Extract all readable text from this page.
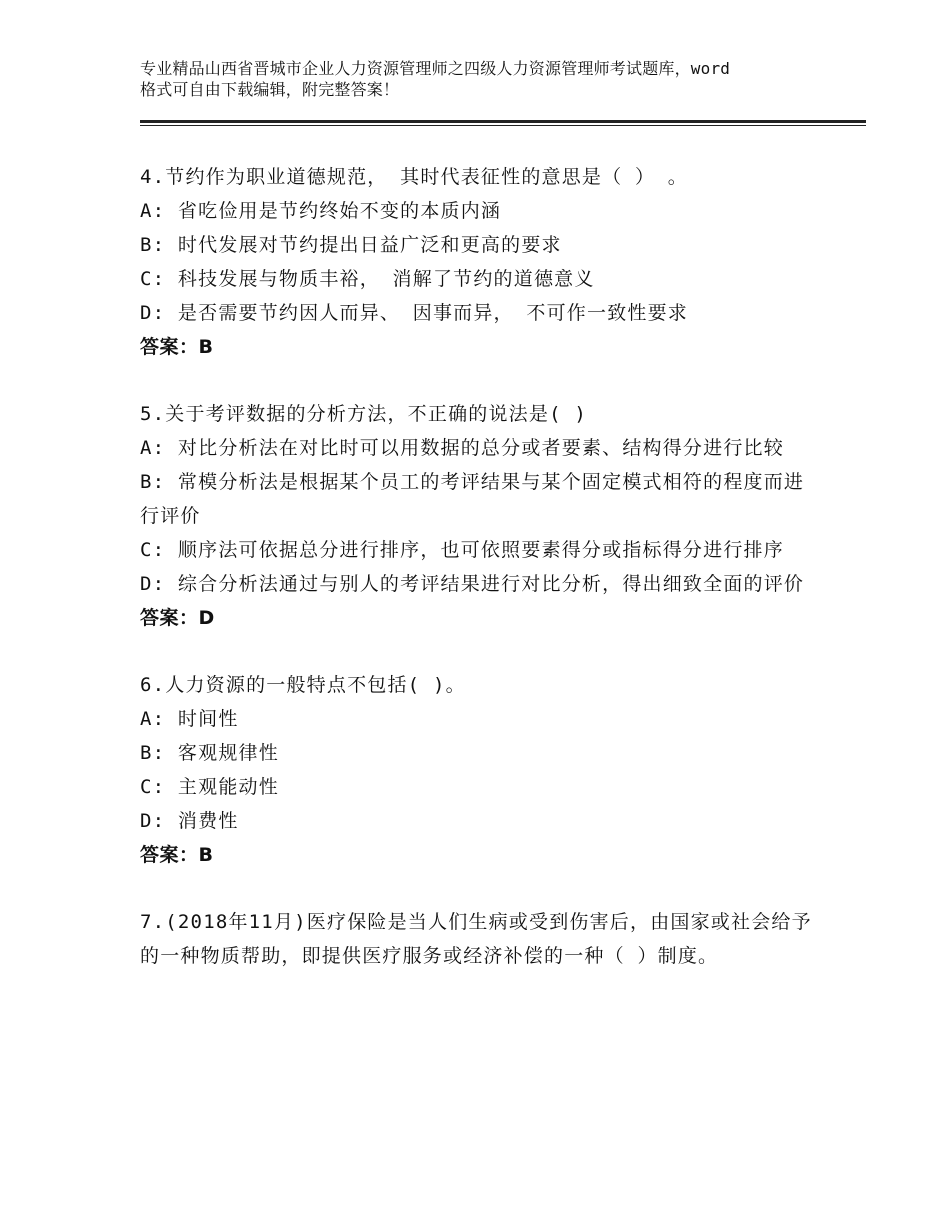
专业精品山西省晋城市企业人力资源管理师之四级人力资源管理师考试题库，word
格式可自由下载编辑，附完整答案！

4.节约作为职业道德规范， 其时代表征性的意思是（ ） 。

A: 省吃俭用是节约终始不变的本质内涵

B: 时代发展对节约提出日益广泛和更高的要求

C: 科技发展与物质丰裕， 消解了节约的道德意义

D: 是否需要节约因人而异、 因事而异， 不可作一致性要求

答案：B

5.关于考评数据的分析方法，不正确的说法是( )

A: 对比分析法在对比时可以用数据的总分或者要素、结构得分进行比较

B: 常模分析法是根据某个员工的考评结果与某个固定模式相符的程度而进行评价

C: 顺序法可依据总分进行排序，也可依照要素得分或指标得分进行排序

D: 综合分析法通过与别人的考评结果进行对比分析，得出细致全面的评价

答案：D

6.人力资源的一般特点不包括( )。

A: 时间性

B: 客观规律性

C: 主观能动性

D: 消费性

答案：B

7.(2018年11月)医疗保险是当人们生病或受到伤害后，由国家或社会给予的一种物质帮助，即提供医疗服务或经济补偿的一种（ ）制度。
